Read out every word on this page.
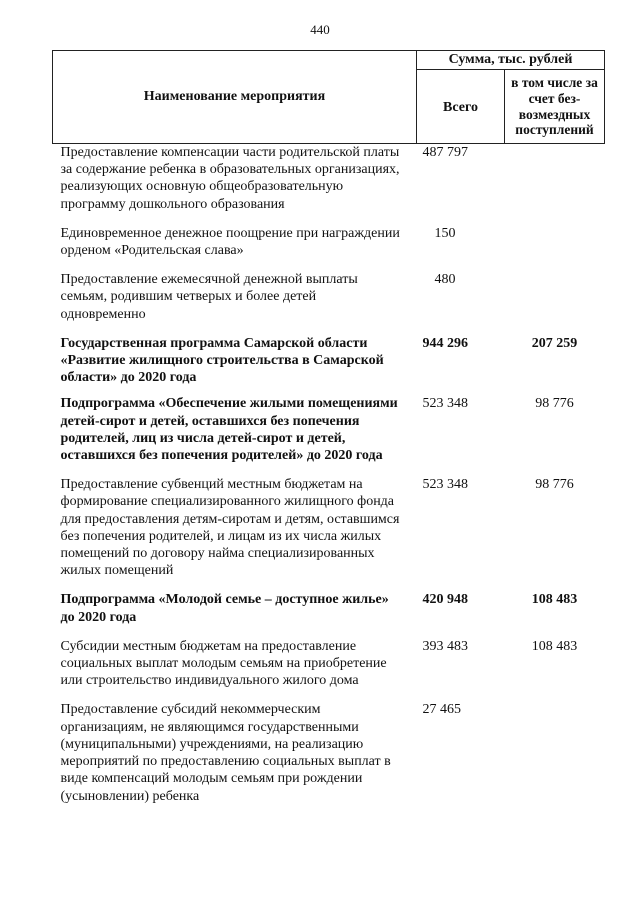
440
Наименование мероприятия	Сумма, тыс. рублей	
	Всего	в том числе за счет без-возмездных поступлений
Предоставление компенсации части родительской платы за содержание ребенка в образовательных организациях, реализующих основную общеобразовательную программу дошкольного образования	487 797	

Единовременное денежное поощрение при награждении орденом «Родительская слава»	150	

Предоставление ежемесячной денежной выплаты семьям, родившим четверых и более детей одновременно	480	

Государственная программа Самарской области «Развитие жилищного строительства в Самарской области» до 2020 года	944 296	207 259

Подпрограмма «Обеспечение жилыми помещениями детей-сирот и детей, оставшихся без попечения родителей, лиц из числа детей-сирот и детей, оставшихся без попечения родителей» до 2020 года	523 348	98 776

Предоставление субвенций местным бюджетам на формирование специализированного жилищного фонда для предоставления детям-сиротам и детям, оставшимся без попечения родителей, и лицам из их числа жилых помещений по договору найма специализированных жилых помещений	523 348	98 776

Подпрограмма «Молодой семье – доступное жилье» до 2020 года	420 948	108 483

Субсидии местным бюджетам на предоставление социальных выплат молодым семьям на приобретение или строительство индивидуального жилого дома	393 483	108 483

Предоставление субсидий некоммерческим организациям, не являющимся государственными (муниципальными) учреждениями, на реализацию мероприятий по предоставлению социальных выплат в виде компенсаций молодым семьям при рождении (усыновлении) ребенка	27 465	
